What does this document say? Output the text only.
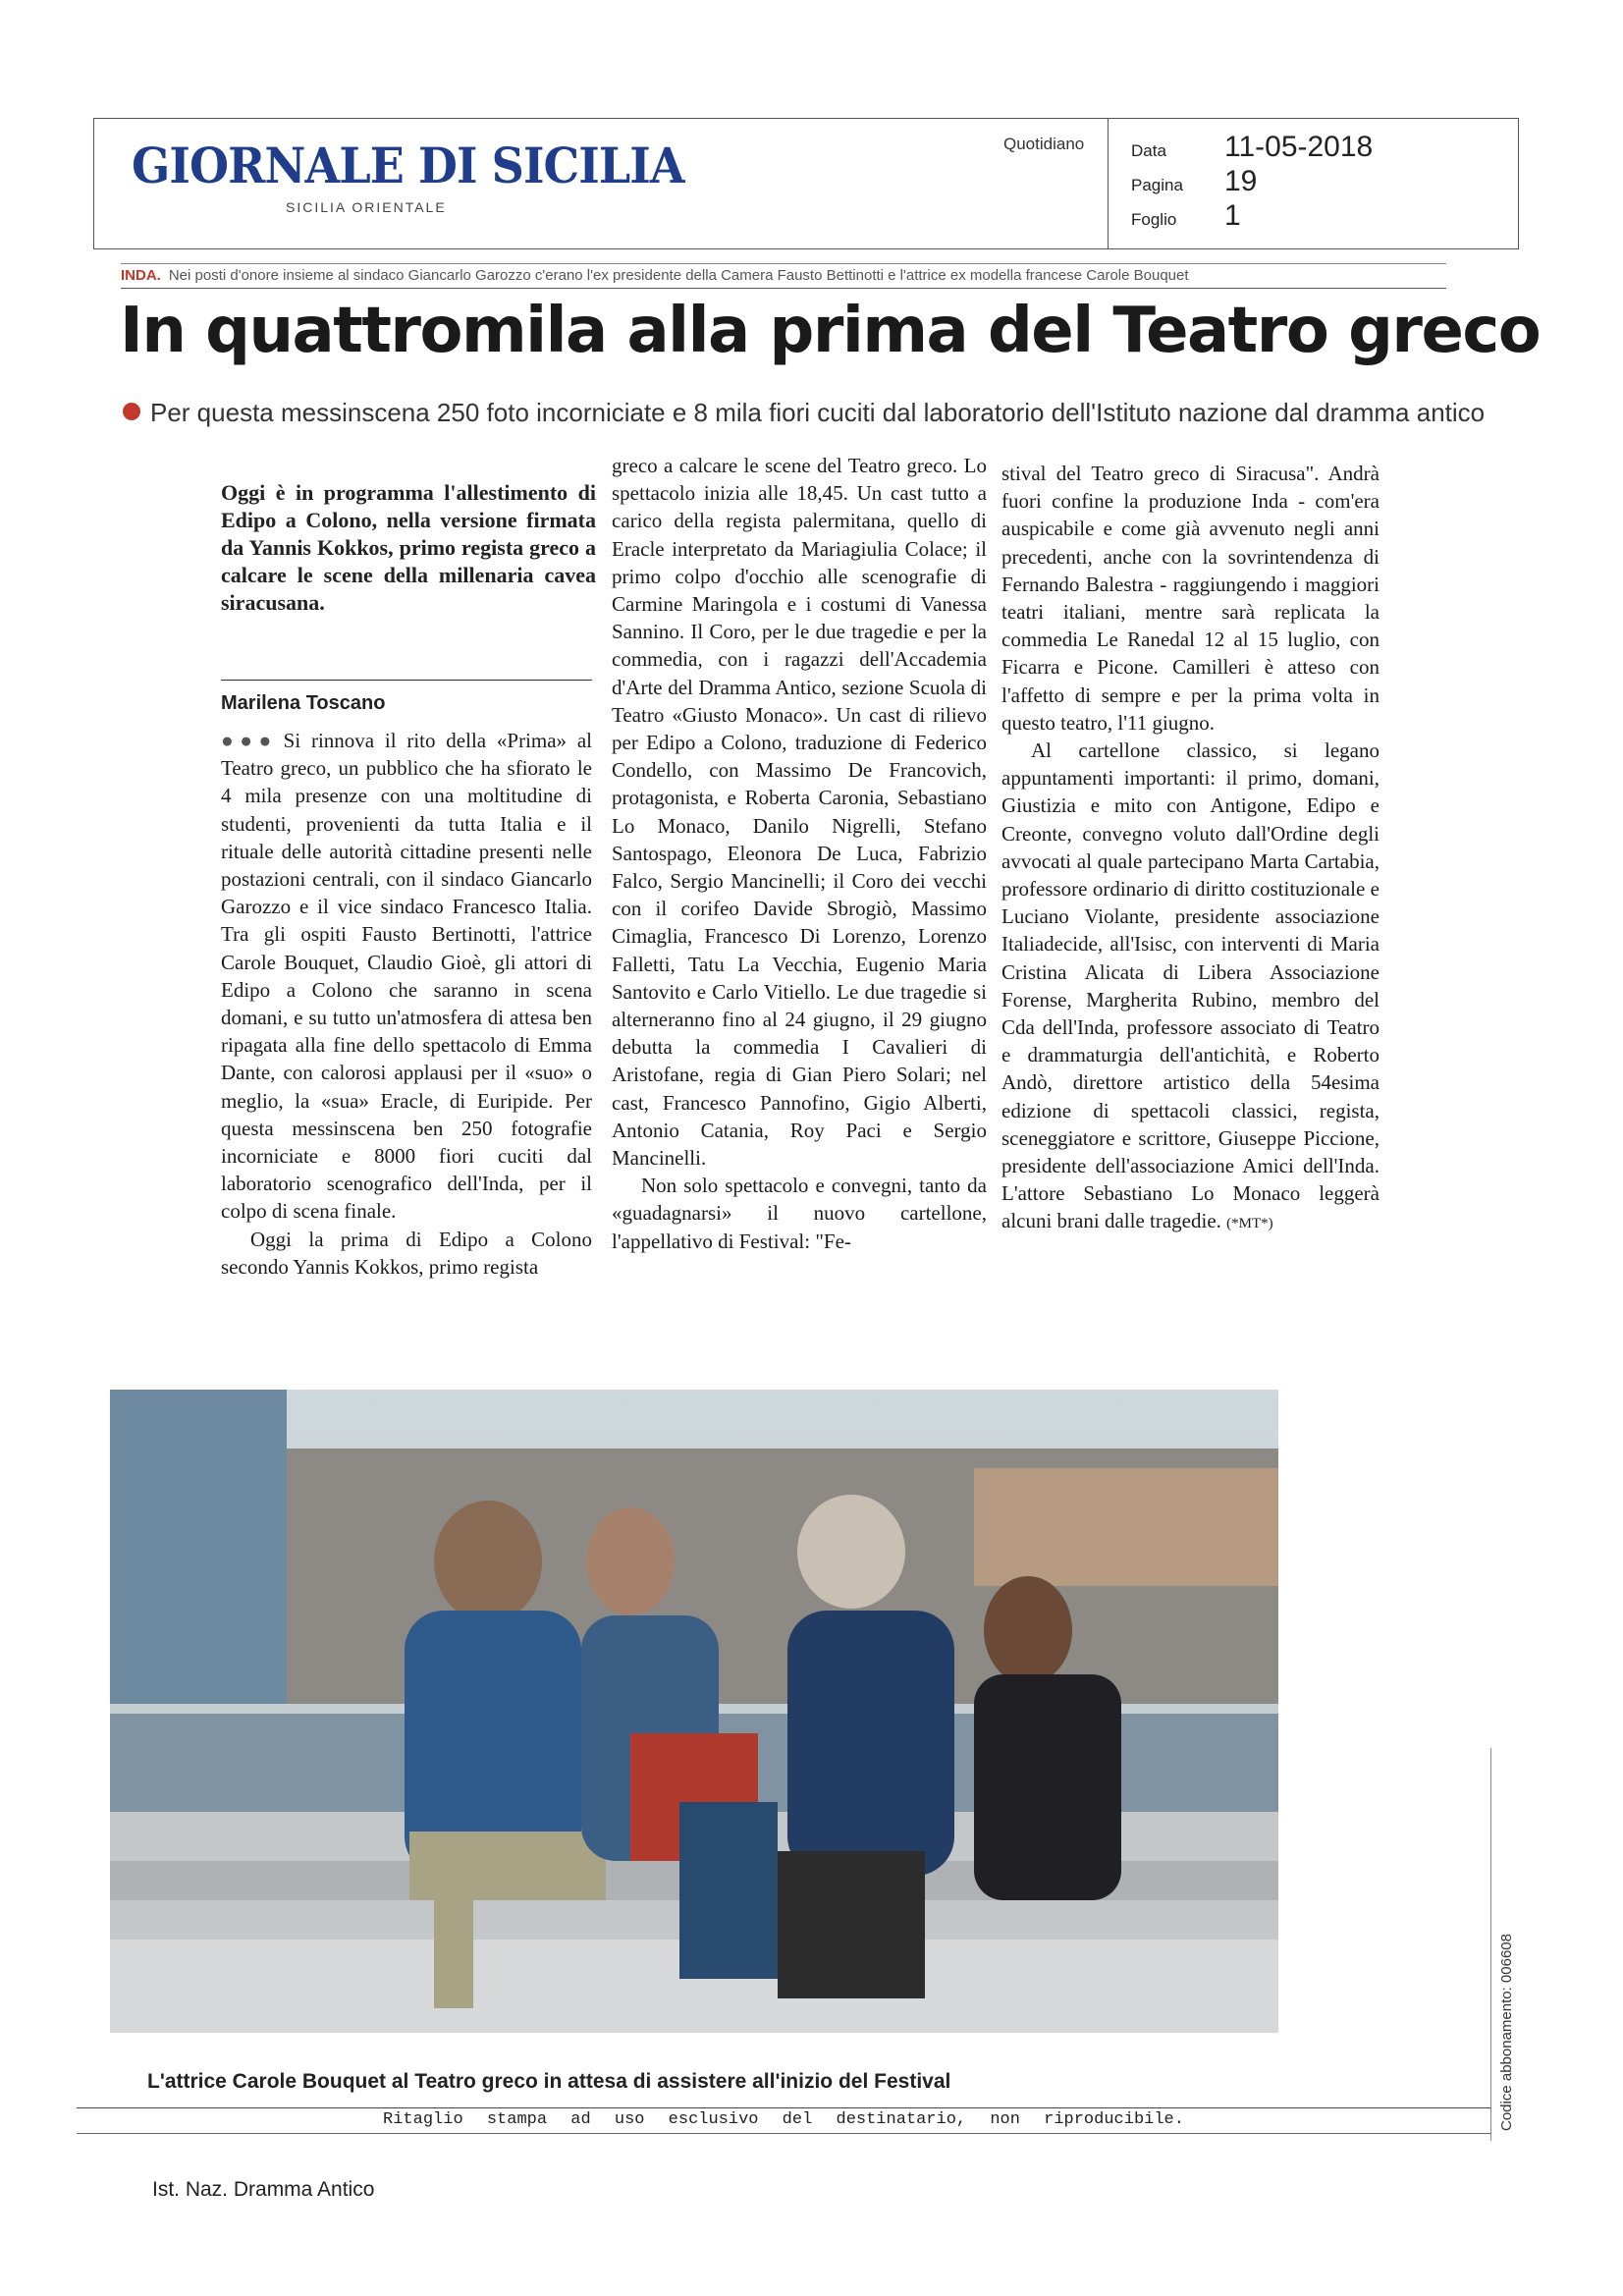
GIORNALE DI SICILIA
SICILIA ORIENTALE
Quotidiano	Data 11-05-2018
Pagina 19
Foglio 1
INDA. Nei posti d'onore insieme al sindaco Giancarlo Garozzo c'erano l'ex presidente della Camera Fausto Bettinotti e l'attrice ex modella francese Carole Bouquet
In quattromila alla prima del Teatro greco
Per questa messinscena 250 foto incorniciate e 8 mila fiori cuciti dal laboratorio dell'Istituto nazione dal dramma antico
Oggi è in programma l'allestimento di Edipo a Colono, nella versione firmata da Yannis Kokkos, primo regista greco a calcare le scene della millenaria cavea siracusana.
Marilena Toscano

●●● Si rinnova il rito della «Prima» al Teatro greco, un pubblico che ha sfiorato le 4 mila presenze con una moltitudine di studenti, provenienti da tutta Italia e il rituale delle autorità cittadine presenti nelle postazioni centrali, con il sindaco Giancarlo Garozzo e il vice sindaco Francesco Italia. Tra gli ospiti Fausto Bertinotti, l'attrice Carole Bouquet, Claudio Gioè, gli attori di Edipo a Colono che saranno in scena domani, e su tutto un'atmosfera di attesa ben ripagata alla fine dello spettacolo di Emma Dante, con calorosi applausi per il «suo» o meglio, la «sua» Eracle, di Euripide. Per questa messinscena ben 250 fotografie incorniciate e 8000 fiori cuciti dal laboratorio scenografico dell'Inda, per il colpo di scena finale.

Oggi la prima di Edipo a Colono secondo Yannis Kokkos, primo regista

greco a calcare le scene del Teatro greco. Lo spettacolo inizia alle 18,45. Un cast tutto a carico della regista palermitana, quello di Eracle interpretato da Mariagiulia Colace; il primo colpo d'occhio alle scenografie di Carmine Maringola e i costumi di Vanessa Sannino. Il Coro, per le due tragedie e per la commedia, con i ragazzi dell'Accademia d'Arte del Dramma Antico, sezione Scuola di Teatro «Giusto Monaco». Un cast di rilievo per Edipo a Colono, traduzione di Federico Condello, con Massimo De Francovich, protagonista, e Roberta Caronia, Sebastiano Lo Monaco, Danilo Nigrelli, Stefano Santospago, Eleonora De Luca, Fabrizio Falco, Sergio Mancinelli; il Coro dei vecchi con il corifeo Davide Sbrogiò, Massimo Cimaglia, Francesco Di Lorenzo, Lorenzo Falletti, Tatu La Vecchia, Eugenio Maria Santovito e Carlo Vitiello. Le due tragedie si alterneranno fino al 24 giugno, il 29 giugno debutta la commedia I Cavalieri di Aristofane, regia di Gian Piero Solari; nel cast, Francesco Pannofino, Gigio Alberti, Antonio Catania, Roy Paci e Sergio Mancinelli.

Non solo spettacolo e convegni, tanto da «guadagnarsi» il nuovo cartellone, l'appellativo di Festival: "Fe-

stival del Teatro greco di Siracusa". Andrà fuori confine la produzione Inda - com'era auspicabile e come già avvenuto negli anni precedenti, anche con la sovrintendenza di Fernando Balestra - raggiungendo i maggiori teatri italiani, mentre sarà replicata la commedia Le Ranedal 12 al 15 luglio, con Ficarra e Picone. Camilleri è atteso con l'affetto di sempre e per la prima volta in questo teatro, l'11 giugno.

Al cartellone classico, si legano appuntamenti importanti: il primo, domani, Giustizia e mito con Antigone, Edipo e Creonte, convegno voluto dall'Ordine degli avvocati al quale partecipano Marta Cartabia, professore ordinario di diritto costituzionale e Luciano Violante, presidente associazione Italiadecide, all'Isisc, con interventi di Maria Cristina Alicata di Libera Associazione Forense, Margherita Rubino, membro del Cda dell'Inda, professore associato di Teatro e drammaturgia dell'antichità, e Roberto Andò, direttore artistico della 54esima edizione di spettacoli classici, regista, sceneggiatore e scrittore, Giuseppe Piccione, presidente dell'associazione Amici dell'Inda. L'attore Sebastiano Lo Monaco leggerà alcuni brani dalle tragedie. (*MT*)

L'attrice Carole Bouquet al Teatro greco in attesa di assistere all'inizio del Festival
Ritaglio stampa ad uso esclusivo del destinatario, non riproducibile.	Codice abbonamento: 006608
Ist. Naz. Dramma Antico
